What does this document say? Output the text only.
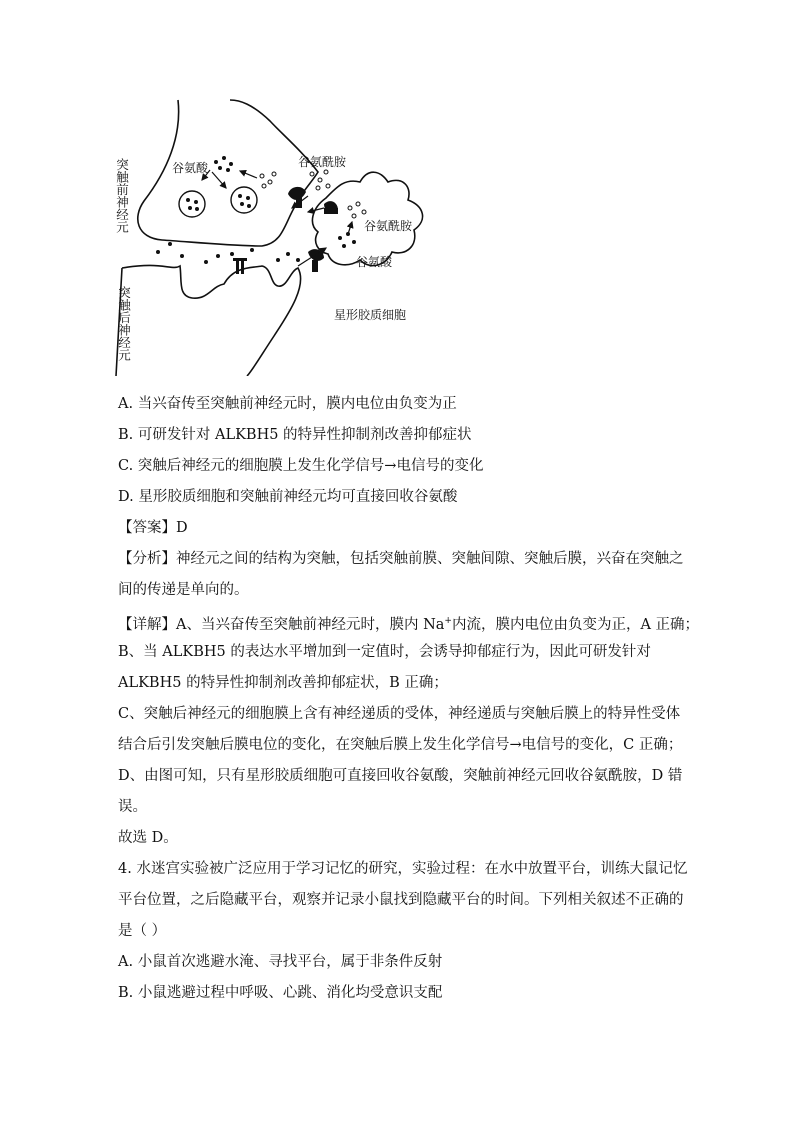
突触前神经元
突触后神经元
谷氨酸	谷氨酰胺
谷氨酰胺
谷氨酸
星形胶质细胞
A. 当兴奋传至突触前神经元时，膜内电位由负变为正
B. 可研发针对 ALKBH5 的特异性抑制剂改善抑郁症状
C. 突触后神经元的细胞膜上发生化学信号→电信号的变化
D. 星形胶质细胞和突触前神经元均可直接回收谷氨酸
【答案】D
【分析】神经元之间的结构为突触，包括突触前膜、突触间隙、突触后膜，兴奋在突触之
间的传递是单向的。
【详解】A、当兴奋传至突触前神经元时，膜内 Na+内流，膜内电位由负变为正，A 正确；
B、当 ALKBH5 的表达水平增加到一定值时，会诱导抑郁症行为，因此可研发针对
ALKBH5 的特异性抑制剂改善抑郁症状，B 正确；
C、突触后神经元的细胞膜上含有神经递质的受体，神经递质与突触后膜上的特异性受体
结合后引发突触后膜电位的变化，在突触后膜上发生化学信号→电信号的变化，C 正确；
D、由图可知，只有星形胶质细胞可直接回收谷氨酸，突触前神经元回收谷氨酰胺，D 错
误。
故选 D。
4. 水迷宫实验被广泛应用于学习记忆的研究，实验过程：在水中放置平台，训练大鼠记忆
平台位置，之后隐藏平台，观察并记录小鼠找到隐藏平台的时间。下列相关叙述不正确的
是（ ）
A. 小鼠首次逃避水淹、寻找平台，属于非条件反射
B. 小鼠逃避过程中呼吸、心跳、消化均受意识支配
